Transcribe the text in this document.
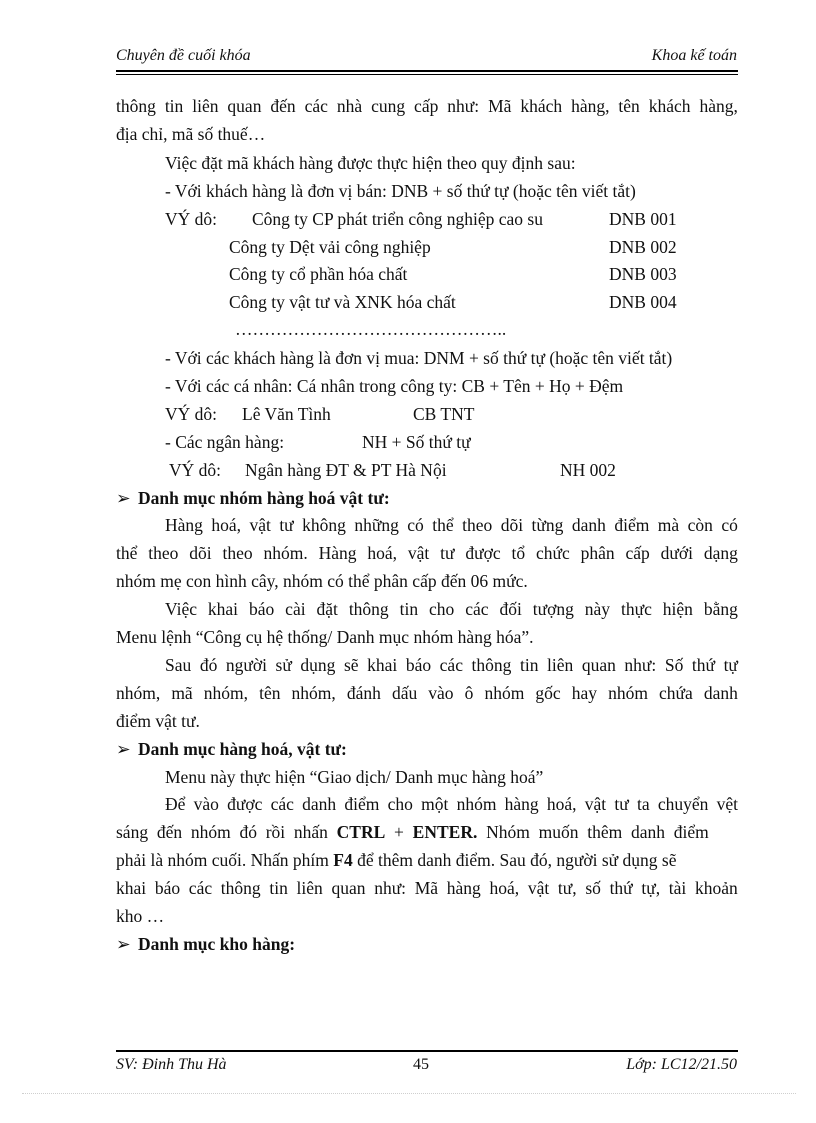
Chuyên đề cuối khóa	Khoa kế toán
thông tin liên quan đến các nhà cung cấp như: Mã khách hàng, tên khách hàng,
địa chỉ, mã số thuế…
Việc đặt mã khách hàng được thực hiện theo quy định sau:
- Với khách hàng là đơn vị bán: DNB + số thứ tự (hoặc tên viết tắt)
VÝ dô: Công ty CP phát triển công nghiệp cao su	DNB 001
Công ty Dệt vải công nghiệp	DNB 002
Công ty cổ phần hóa chất	DNB 003
Công ty vật tư và XNK hóa chất	DNB 004
………………………………………..
- Với các khách hàng là đơn vị mua: DNM + số thứ tự (hoặc tên viết tắt)
- Với các cá nhân: Cá nhân trong công ty: CB + Tên + Họ + Đệm
VÝ dô: Lê Văn Tình	CB TNT
- Các ngân hàng:	NH + Số thứ tự
VÝ dô: Ngân hàng ĐT & PT Hà Nội	NH 002
➢ Danh mục nhóm hàng hoá vật tư:
Hàng hoá, vật tư không những có thể theo dõi từng danh điểm mà còn có
thể theo dõi theo nhóm. Hàng hoá, vật tư được tổ chức phân cấp dưới dạng
nhóm mẹ con hình cây, nhóm có thể phân cấp đến 06 mức.
Việc khai báo cài đặt thông tin cho các đối tượng này thực hiện bằng
Menu lệnh “Công cụ hệ thống/ Danh mục nhóm hàng hóa”.
Sau đó người sử dụng sẽ khai báo các thông tin liên quan như: Số thứ tự
nhóm, mã nhóm, tên nhóm, đánh dấu vào ô nhóm gốc hay nhóm chứa danh
điểm vật tư.
➢ Danh mục hàng hoá, vật tư:
Menu này thực hiện “Giao dịch/ Danh mục hàng hoá”
Để vào được các danh điểm cho một nhóm hàng hoá, vật tư ta chuyển vệt
sáng  đến  nhóm  đó  rồi  nhấn  CTRL  +  ENTER.  Nhóm  muốn  thêm  danh  điểm
phải là nhóm cuối. Nhấn phím F4 để thêm danh điểm. Sau đó, người sử dụng sẽ
khai báo các thông tin liên quan như: Mã hàng hoá, vật tư, số thứ tự, tài khoản
kho …
➢ Danh mục kho hàng:
SV: Đinh Thu Hà	45	Lớp: LC12/21.50
